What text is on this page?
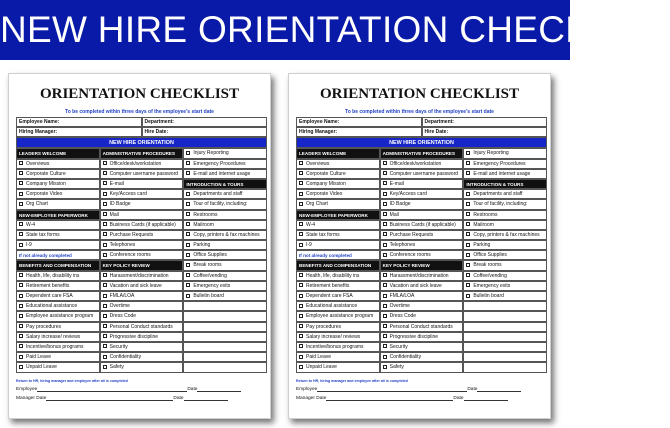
NEW HIRE ORIENTATION CHECKLIST
ORIENTATION CHECKLIST
To be completed within three days of the employee's start date
Employee Name:	Department:
Hiring Manager:	Hire Date:
NEW HIRE ORIENTATION
LEADERS WELCOME	ADMINISTRATIVE PROCEDURES	Injury Reporting
Overviews	Office/desk/workstation	Emergency Procedures
Corporate Culture	Computer username password	E-mail and internet usage
Company Mission	E-mail	INTRODUCTION & TOURS
Corporate Video	Key/Access card	Departments and staff
Org Chart	ID Badge	Tour of facility, including:
NEW-EMPLOYEE PAPERWORK	Mail	Restrooms
W-4	Business Cards (if applicable)	Mailroom
State tax forms	Purchase Requests	Copy, printers & fax machines
I-9	Telephones	Parking
If not already completed	Conference rooms	Office Supplies
BENEFITS AND COMPENSATION	KEY POLICY REVIEW	Break rooms
Health, life, disability ins	Harassment/discrimination	Coffee/vending
Retirement benefits	Vacation and sick leave	Emergency exits
Dependent care FSA	FMLA/LOA	Bulletin board
Educational assistance	Overtime
Employee assistance program	Dress Code
Pay procedures	Personal Conduct standards
Salary increase/ reviews	Progressive discipline
Incentive/bonus programs	Security
Paid Leave	Confidentiality
Unpaid Leave	Safety
Return to HR, hiring manager and employee after all is completed
Employee	Date
Manager Date	Date
ORIENTATION CHECKLIST
To be completed within three days of the employee's start date
Employee Name:	Department:
Hiring Manager:	Hire Date:
NEW HIRE ORIENTATION
LEADERS WELCOME	ADMINISTRATIVE PROCEDURES	Injury Reporting
Overviews	Office/desk/workstation	Emergency Procedures
Corporate Culture	Computer username password	E-mail and internet usage
Company Mission	E-mail	INTRODUCTION & TOURS
Corporate Video	Key/Access card	Departments and staff
Org Chart	ID Badge	Tour of facility, including:
NEW-EMPLOYEE PAPERWORK	Mail	Restrooms
W-4	Business Cards (if applicable)	Mailroom
State tax forms	Purchase Requests	Copy, printers & fax machines
I-9	Telephones	Parking
If not already completed	Conference rooms	Office Supplies
BENEFITS AND COMPENSATION	KEY POLICY REVIEW	Break rooms
Health, life, disability ins	Harassment/discrimination	Coffee/vending
Retirement benefits	Vacation and sick leave	Emergency exits
Dependent care FSA	FMLA/LOA	Bulletin board
Educational assistance	Overtime
Employee assistance program	Dress Code
Pay procedures	Personal Conduct standards
Salary increase/ reviews	Progressive discipline
Incentive/bonus programs	Security
Paid Leave	Confidentiality
Unpaid Leave	Safety
Return to HR, hiring manager and employee after all is completed
Employee	Date
Manager Date	Date
